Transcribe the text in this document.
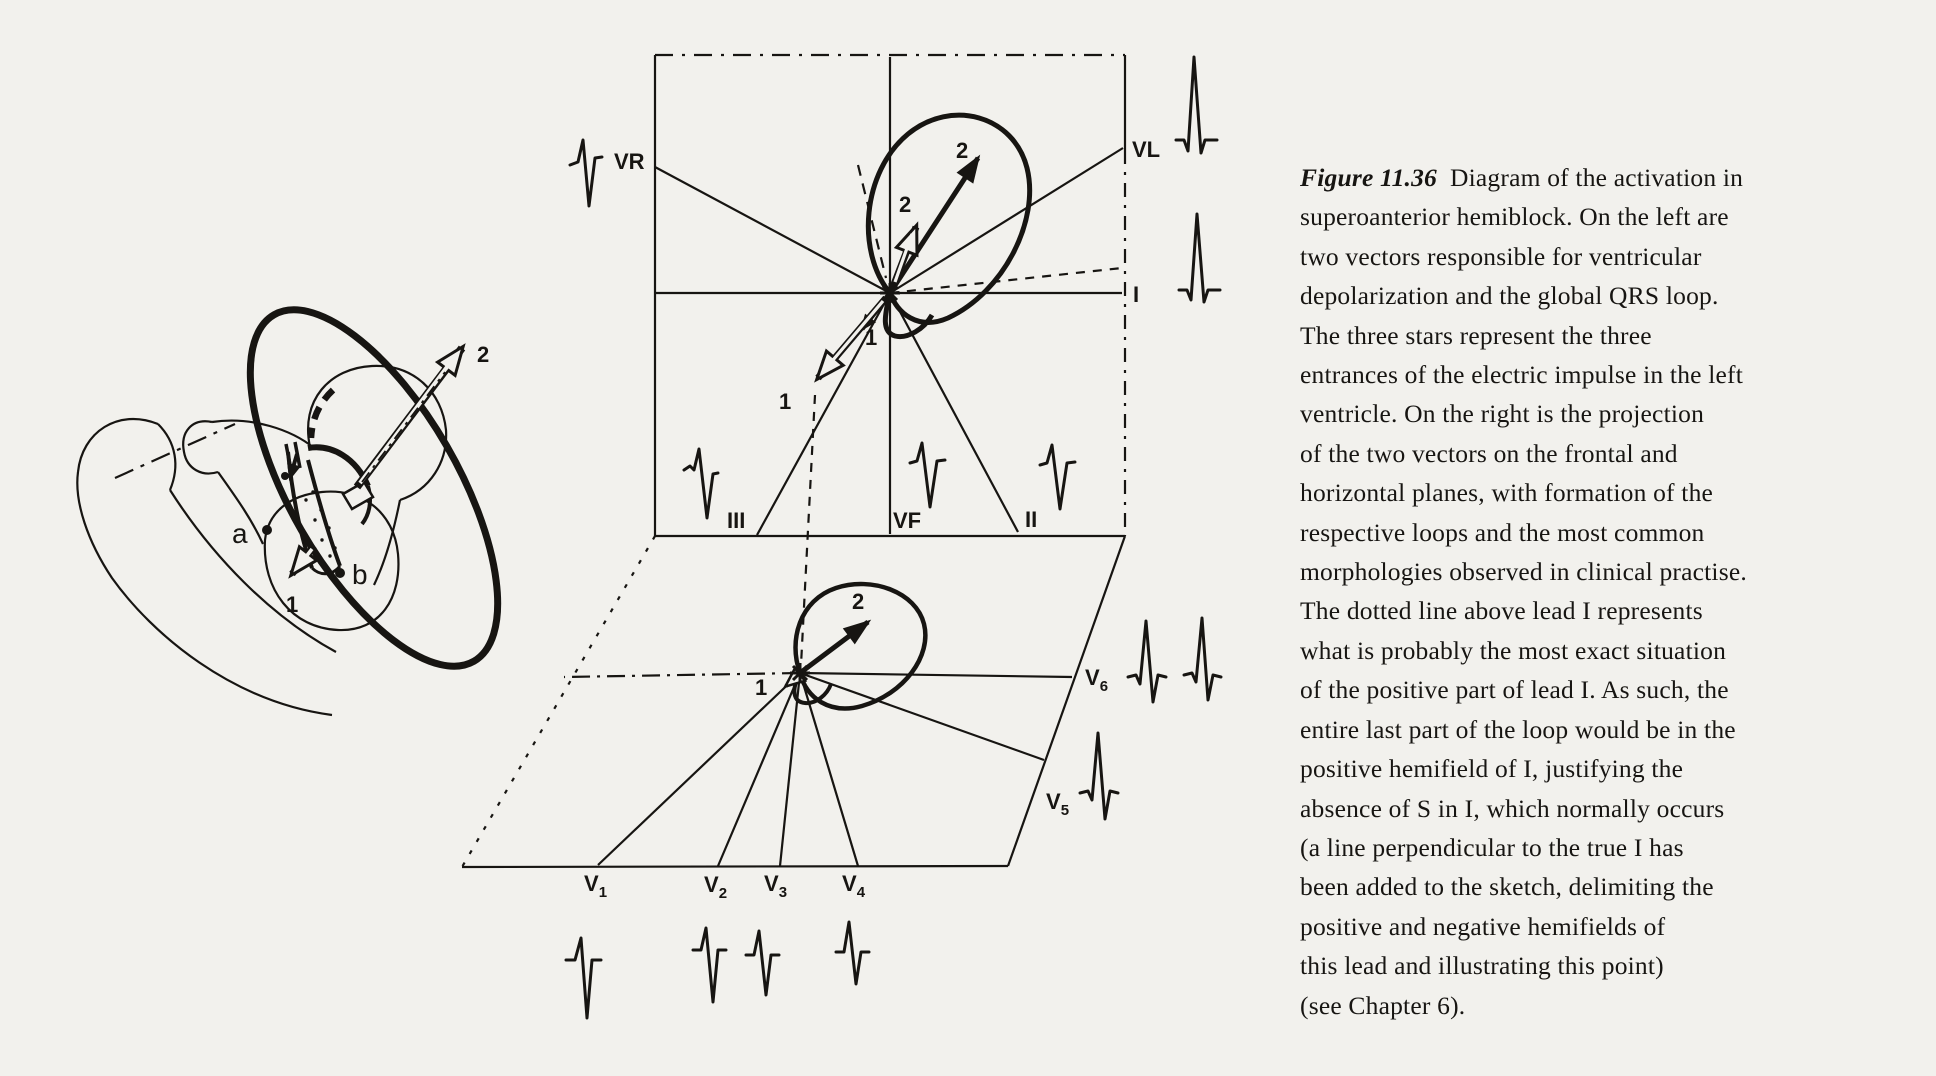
a
b
1
2
VR	VL
I
III	VF	II
2
2
1
1
2
1
$V_1$	$V_2$ $V_3$ $V_4$
$V_5$
$V_6$
Figure 11.36 Diagram of the activation in
superoanterior hemiblock. On the left are
two vectors responsible for ventricular
depolarization and the global QRS loop.
The three stars represent the three
entrances of the electric impulse in the left
ventricle. On the right is the projection
of the two vectors on the frontal and
horizontal planes, with formation of the
respective loops and the most common
morphologies observed in clinical practise.
The dotted line above lead I represents
what is probably the most exact situation
of the positive part of lead I. As such, the
entire last part of the loop would be in the
positive hemifield of I, justifying the
absence of S in I, which normally occurs
(a line perpendicular to the true I has
been added to the sketch, delimiting the
positive and negative hemifields of
this lead and illustrating this point)
(see Chapter 6).
